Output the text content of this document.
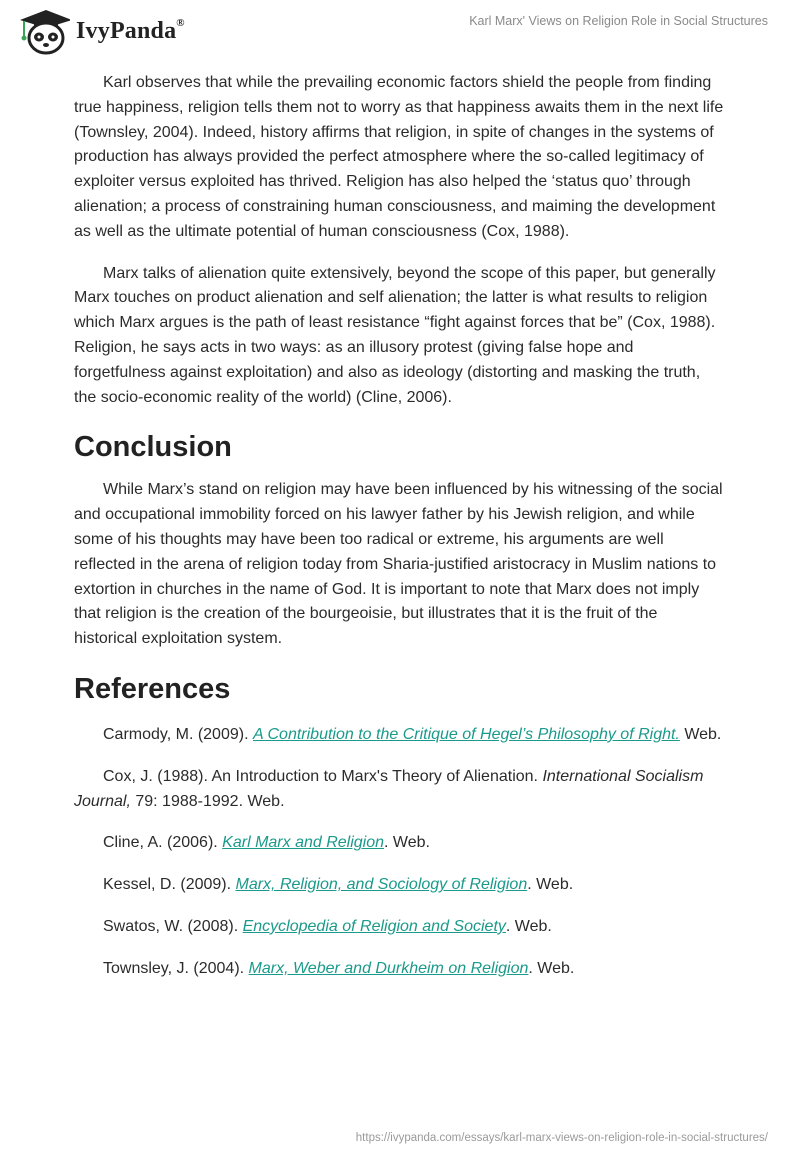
IvyPanda®	Karl Marx' Views on Religion Role in Social Structures

Karl observes that while the prevailing economic factors shield the people from finding true happiness, religion tells them not to worry as that happiness awaits them in the next life (Townsley, 2004). Indeed, history affirms that religion, in spite of changes in the systems of production has always provided the perfect atmosphere where the so-called legitimacy of exploiter versus exploited has thrived. Religion has also helped the ‘status quo’ through alienation; a process of constraining human consciousness, and maiming the development as well as the ultimate potential of human consciousness (Cox, 1988).

Marx talks of alienation quite extensively, beyond the scope of this paper, but generally Marx touches on product alienation and self alienation; the latter is what results to religion which Marx argues is the path of least resistance “fight against forces that be” (Cox, 1988). Religion, he says acts in two ways: as an illusory protest (giving false hope and forgetfulness against exploitation) and also as ideology (distorting and masking the truth, the socio-economic reality of the world) (Cline, 2006).

Conclusion

While Marx’s stand on religion may have been influenced by his witnessing of the social and occupational immobility forced on his lawyer father by his Jewish religion, and while some of his thoughts may have been too radical or extreme, his arguments are well reflected in the arena of religion today from Sharia-justified aristocracy in Muslim nations to extortion in churches in the name of God. It is important to note that Marx does not imply that religion is the creation of the bourgeoisie, but illustrates that it is the fruit of the historical exploitation system.

References

Carmody, M. (2009). A Contribution to the Critique of Hegel’s Philosophy of Right. Web.

Cox, J. (1988). An Introduction to Marx's Theory of Alienation. International Socialism Journal, 79: 1988-1992. Web.

Cline, A. (2006). Karl Marx and Religion. Web.

Kessel, D. (2009). Marx, Religion, and Sociology of Religion. Web.

Swatos, W. (2008). Encyclopedia of Religion and Society. Web.

Townsley, J. (2004). Marx, Weber and Durkheim on Religion. Web.

https://ivypanda.com/essays/karl-marx-views-on-religion-role-in-social-structures/
